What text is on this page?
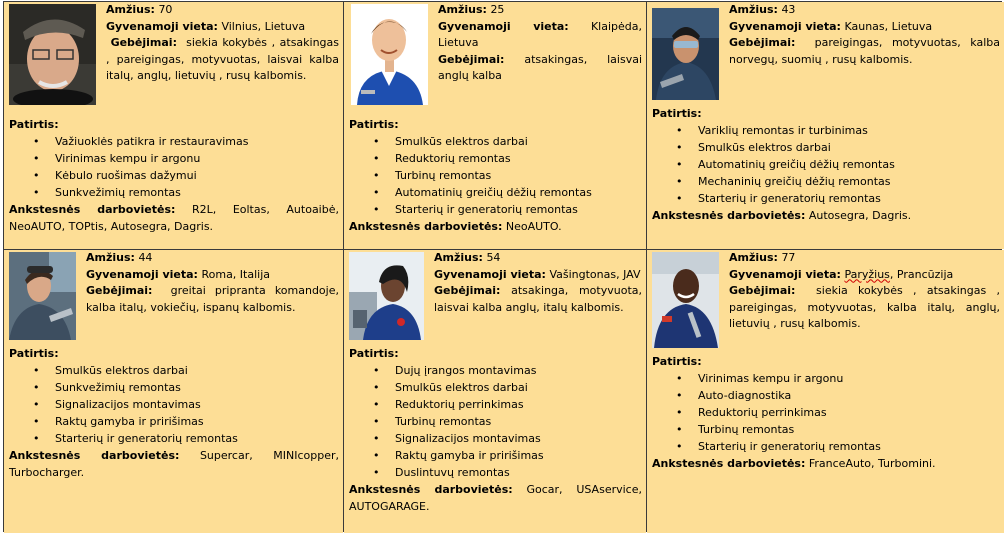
Amžius: 70
Gyvenamoji vieta: Vilnius, Lietuva
Gebėjimai: siekia kokybės , atsakingas , pareigingas, motyvuotas, laisvai kalba italų, anglų, lietuvių , rusų kalbomis.
Patirtis:
• Važiuoklės patikra ir restauravimas
• Virinimas kempu ir argonu
• Kėbulo ruošimas dažymui
• Sunkvežimių remontas
Ankstesnės darbovietės: R2L, Eoltas, Autoaibė, NeoAUTO, TOPtis, Autosegra, Dagris.
Amžius: 25
Gyvenamoji vieta: Klaipėda, Lietuva
Gebėjimai: atsakingas, laisvai anglų kalba
Patirtis:
• Smulkūs elektros darbai
• Reduktorių remontas
• Turbinų remontas
• Automatinių greičių dėžių remontas
• Starterių ir generatorių remontas
Ankstesnės darbovietės: NeoAUTO.
Amžius: 43
Gyvenamoji vieta: Kaunas, Lietuva
Gebėjimai: pareigingas, motyvuotas, kalba norvegų, suomių , rusų kalbomis.
Patirtis:
• Variklių remontas ir turbinimas
• Smulkūs elektros darbai
• Automatinių greičių dėžių remontas
• Mechaninių greičių dėžių remontas
• Starterių ir generatorių remontas
Ankstesnės darbovietės: Autosegra, Dagris.
Amžius: 44
Gyvenamoji vieta: Roma, Italija
Gebėjimai: greitai pripranta komandoje, kalba italų, vokiečių, ispanų kalbomis.
Patirtis:
• Smulkūs elektros darbai
• Sunkvežimių remontas
• Signalizacijos montavimas
• Raktų gamyba ir pririšimas
• Starterių ir generatorių remontas
Ankstesnės darbovietės: Supercar, MINIcopper, Turbocharger.
Amžius: 54
Gyvenamoji vieta: Vašingtonas, JAV
Gebėjimai: atsakinga, motyvuota, laisvai kalba anglų, italų kalbomis.
Patirtis:
• Dujų įrangos montavimas
• Smulkūs elektros darbai
• Reduktorių perrinkimas
• Turbinų remontas
• Signalizacijos montavimas
• Raktų gamyba ir pririšimas
• Duslintuvų remontas
Ankstesnės darbovietės: Gocar, USAservice, AUTOGARAGE.
Amžius: 77
Gyvenamoji vieta: Paryžius, Prancūzija
Gebėjimai: siekia kokybės , atsakingas , pareigingas, motyvuotas, kalba italų, anglų, lietuvių , rusų kalbomis.
Patirtis:
• Virinimas kempu ir argonu
• Auto-diagnostika
• Reduktorių perrinkimas
• Turbinų remontas
• Starterių ir generatorių remontas
Ankstesnės darbovietės: FranceAuto, Turbomini.
